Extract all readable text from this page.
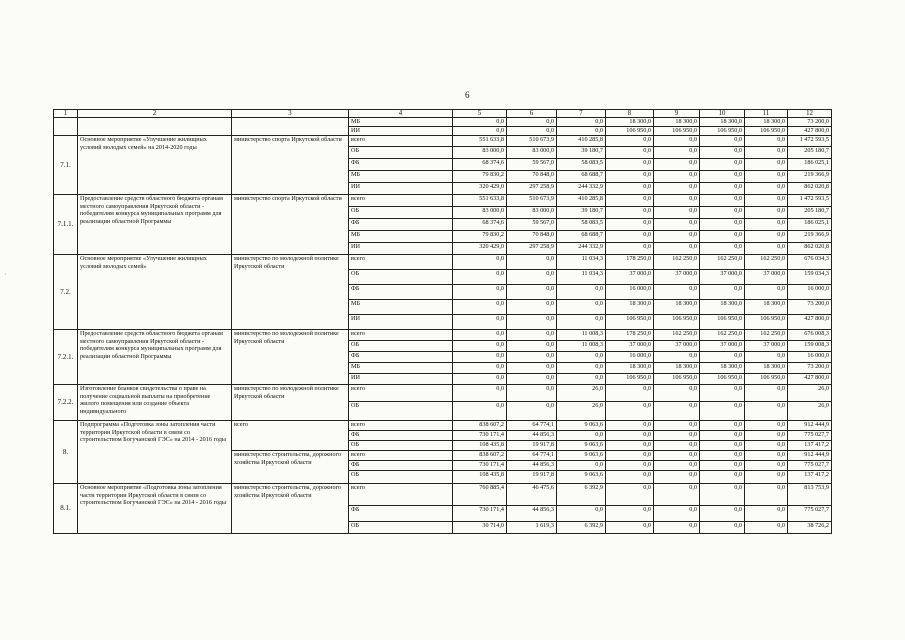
6
1	2	3	4	5	6	7	8	9	10	11	12
			МБ	0,0	0,0	0,0	18 300,0	18 300,0	18 300,0	18 300,0	73 200,0
			ИИ	0,0	0,0	0,0	106 950,0	106 950,0	106 950,0	106 950,0	427 800,0
7.1.	Основное мероприятие «Улучшение жилищных условий молодых семей» на 2014-2020 годы	министерство спорта Иркутской области	всего	551 633,8	510 673,9	410 285,8	0,0	0,0	0,0	0,0	1 472 593,5
			ОБ	83 000,0	83 000,0	39 180,7	0,0	0,0	0,0	0,0	205 180,7
			ФБ	68 374,6	59 567,0	58 083,5	0,0	0,0	0,0	0,0	186 025,1
			МБ	79 830,2	70 848,0	68 688,7	0,0	0,0	0,0	0,0	219 366,9
			ИИ	320 429,0	297 258,9	244 332,9	0,0	0,0	0,0	0,0	862 020,8
7.1.1.	Предоставление средств областного бюджета органам местного самоуправления Иркутской области - победителям конкурса муниципальных программ для реализации областной Программы	министерство спорта Иркутской области	всего	551 633,8	510 673,9	410 285,8	0,0	0,0	0,0	0,0	1 472 593,5
			ОБ	83 000,0	83 000,0	39 180,7	0,0	0,0	0,0	0,0	205 180,7
			ФБ	68 374,6	59 567,0	58 083,5	0,0	0,0	0,0	0,0	186 025,1
			МБ	79 830,2	70 848,0	68 688,7	0,0	0,0	0,0	0,0	219 366,9
			ИИ	320 429,0	297 258,9	244 332,9	0,0	0,0	0,0	0,0	862 020,8
7.2.	Основное мероприятие «Улучшение жилищных условий молодых семей»	министерство по молодежной политике Иркутской области	всего	0,0	0,0	11 034,3	178 250,0	162 250,0	162 250,0	162 250,0	676 034,3
			ОБ	0,0	0,0	11 034,3	37 000,0	37 000,0	37 000,0	37 000,0	159 034,3
			ФБ	0,0	0,0	0,0	16 000,0	0,0	0,0	0,0	16 000,0
			МБ	0,0	0,0	0,0	18 300,0	18 300,0	18 300,0	18 300,0	73 200,0
			ИИ	0,0	0,0	0,0	106 950,0	106 950,0	106 950,0	106 950,0	427 800,0
7.2.1.	Предоставление средств областного бюджета органам местного самоуправления Иркутской области - победителям конкурса муниципальных программ для реализации областной Программы	министерство по молодежной политике Иркутской области	всего	0,0	0,0	11 008,3	178 250,0	162 250,0	162 250,0	162 250,0	676 008,3
			ОБ	0,0	0,0	11 008,3	37 000,0	37 000,0	37 000,0	37 000,0	159 008,3
			ФБ	0,0	0,0	0,0	16 000,0	0,0	0,0	0,0	16 000,0
			МБ	0,0	0,0	0,0	18 300,0	18 300,0	18 300,0	18 300,0	73 200,0
			ИИ	0,0	0,0	0,0	106 950,0	106 950,0	106 950,0	106 950,0	427 800,0
7.2.2.	Изготовление бланков свидетельства о праве на получение социальной выплаты на приобретение жилого помещения или создание объекта индивидуального	министерство по молодежной политике Иркутской области	всего	0,0	0,0	26,0	0,0	0,0	0,0	0,0	26,0
			ОБ	0,0	0,0	26,0	0,0	0,0	0,0	0,0	26,0
8.	Подпрограмма «Подготовка зоны затопления части территории Иркутской области в связи со строительством Богучанской ГЭС» на 2014 - 2016 годы	всего	всего	838 607,2	64 774,1	9 063,6	0,0	0,0	0,0	0,0	912 444,9
			ФБ	730 171,4	44 856,3	0,0	0,0	0,0	0,0	0,0	775 027,7
			ОБ	108 435,8	19 917,8	9 063,6	0,0	0,0	0,0	0,0	137 417,2
		министерство строительства, дорожного хозяйства Иркутской области	всего	838 607,2	64 774,1	9 063,6	0,0	0,0	0,0	0,0	912 444,9
			ФБ	730 171,4	44 856,3	0,0	0,0	0,0	0,0	0,0	775 027,7
			ОБ	108 435,8	19 917,8	9 063,6	0,0	0,0	0,0	0,0	137 417,2
8.1.	Основное мероприятие «Подготовка зоны затопления части территории Иркутской области в связи со строительством Богучанской ГЭС» на 2014 - 2016 годы	министерство строительства, дорожного хозяйства Иркутской области	всего	760 885,4	46 475,6	6 392,9	0,0	0,0	0,0	0,0	813 753,9
			ФБ	730 171,4	44 856,3	0,0	0,0	0,0	0,0	0,0	775 027,7
			ОБ	30 714,0	1 619,3	6 392,9	0,0	0,0	0,0	0,0	38 726,2
·
